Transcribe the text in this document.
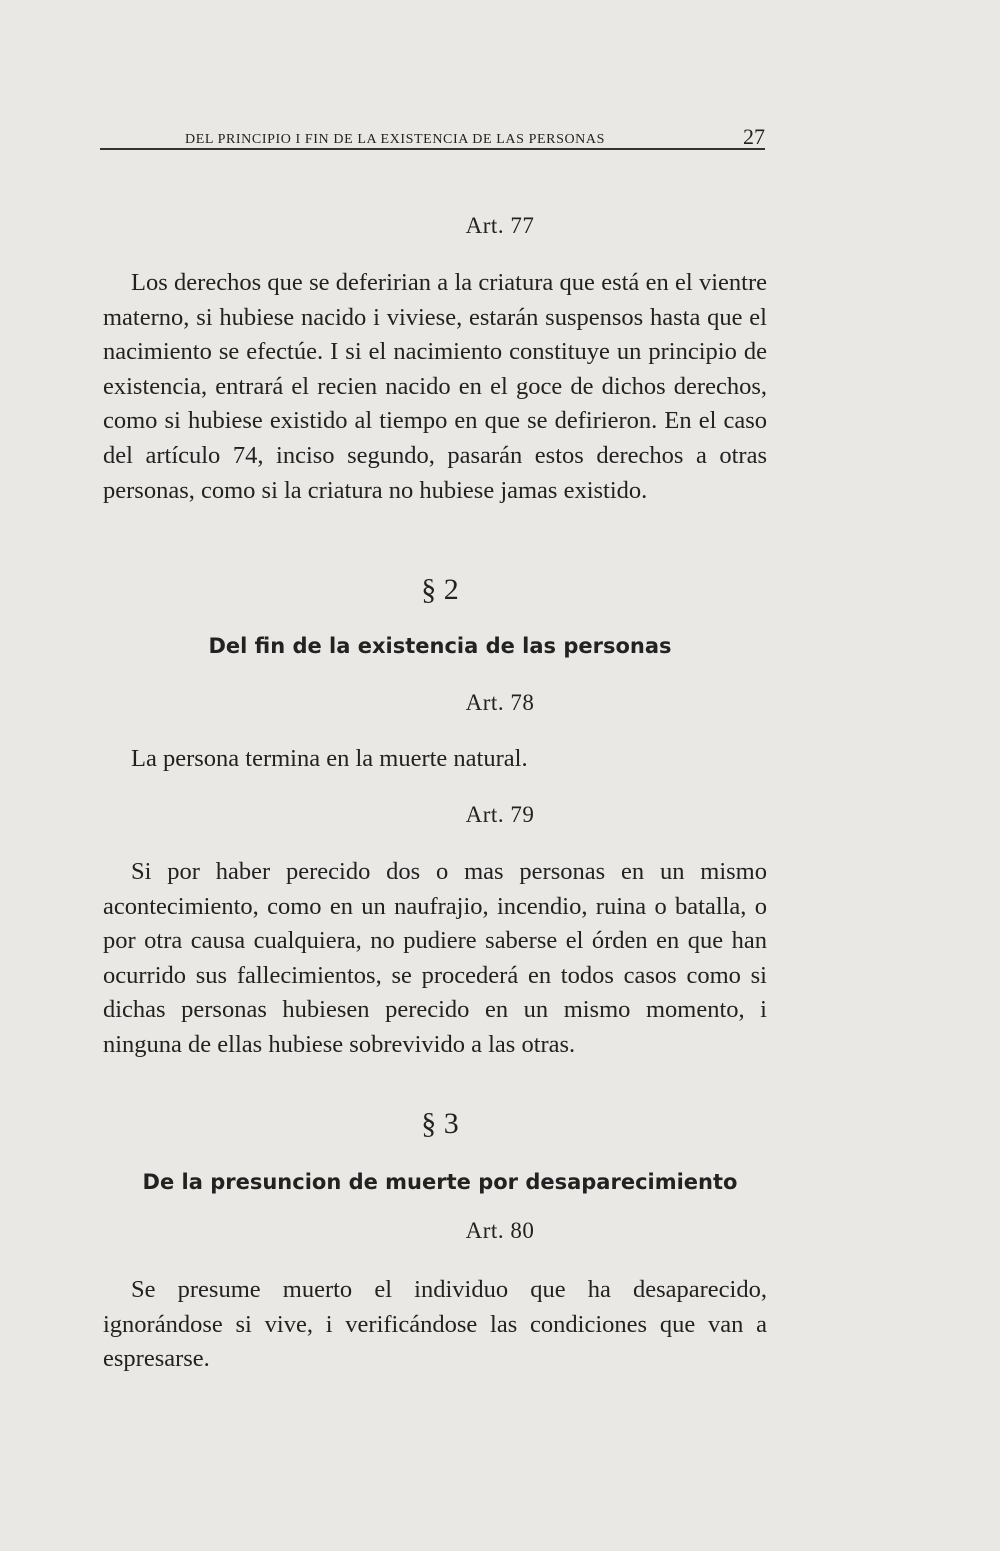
DEL PRINCIPIO I FIN DE LA EXISTENCIA DE LAS PERSONAS	27

Art. 77

Los derechos que se deferirian a la criatura que está en el vientre materno, si hubiese nacido i viviese, estarán suspensos hasta que el nacimiento se efectúe. I si el nacimiento constituye un principio de existencia, entrará el recien nacido en el goce de dichos derechos, como si hubiese existido al tiempo en que se defirieron. En el caso del artículo 74, inciso segundo, pasarán estos derechos a otras personas, como si la criatura no hubiese jamas existido.

§ 2
Del fin de la existencia de las personas
Art. 78

La persona termina en la muerte natural.

Art. 79

Si por haber perecido dos o mas personas en un mismo acontecimiento, como en un naufrajio, incendio, ruina o batalla, o por otra causa cualquiera, no pudiere saberse el órden en que han ocurrido sus fallecimientos, se procederá en todos casos como si dichas personas hubiesen perecido en un mismo momento, i ninguna de ellas hubiese sobrevivido a las otras.

§ 3
De la presuncion de muerte por desaparecimiento
Art. 80

Se presume muerto el individuo que ha desaparecido, ignorándose si vive, i verificándose las condiciones que van a espresarse.
